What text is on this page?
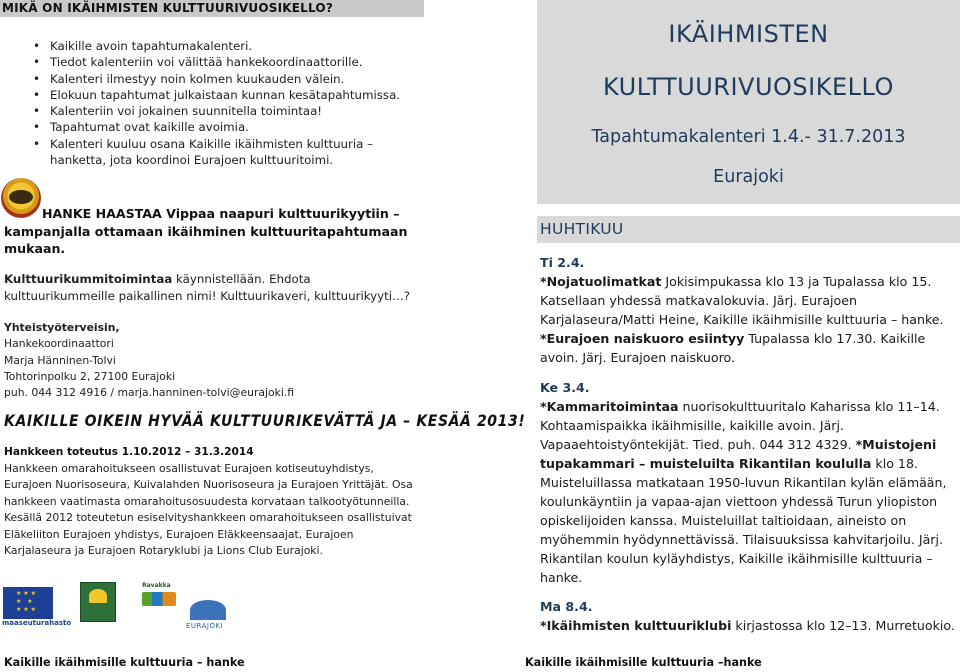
MIKÄ ON IKÄIHMISTEN KULTTUURIVUOSIKELLO?
• Kaikille avoin tapahtumakalenteri.
• Tiedot kalenteriin voi välittää hankekoordinaattorille.
• Kalenteri ilmestyy noin kolmen kuukauden välein.
• Elokuun tapahtumat julkaistaan kunnan kesätapahtumissa.
• Kalenteriin voi jokainen suunnitella toimintaa!
• Tapahtumat ovat kaikille avoimia.
• Kalenteri kuuluu osana Kaikille ikäihmisten kulttuuria – hanketta, jota koordinoi Eurajoen kulttuuritoimi.
HANKE HAASTAA Vippaa naapuri kulttuurikyytiin – kampanjalla ottamaan ikäihminen kulttuuritapahtumaan mukaan.
Kulttuurikummitoimintaa käynnistellään. Ehdota kulttuurikummeille paikallinen nimi! Kulttuurikaveri, kulttuurikyyti…?
Yhteistyöterveisin,
Hankekoordinaattori
Marja Hänninen-Tolvi
Tohtorinpolku 2, 27100 Eurajoki
puh. 044 312 4916 / marja.hanninen-tolvi@eurajoki.fi
KAIKILLE OIKEIN HYVÄÄ KULTTUURIKEVÄTTÄ JA – KESÄÄ 2013!
Hankkeen toteutus 1.10.2012 – 31.3.2014
Hankkeen omarahoitukseen osallistuvat Eurajoen kotiseutuyhdistys, Eurajoen Nuorisoseura, Kuivalahden Nuorisoseura ja Eurajoen Yrittäjät. Osa hankkeen vaatimasta omarahoitusosuudesta korvataan talkootyötunneilla. Kesällä 2012 toteutetun esiselvityshankkeen omarahoitukseen osallistuivat Eläkeliiton Eurajoen yhdistys, Eurajoen Eläkkeensaajat, Eurajoen Karjalaseura ja Eurajoen Rotaryklubi ja Lions Club Eurajoki.
★ ★ ★ ★ ★ ★ ★ ★
maaseuturahasto
Ravakka
EURAJOKI
Kaikille ikäihmisille kulttuuria – hanke
IKÄIHMISTEN
KULTTUURIVUOSIKELLO
Tapahtumakalenteri 1.4.- 31.7.2013
Eurajoki
HUHTIKUU
Ti 2.4.
*Nojatuolimatkat Jokisimpukassa klo 13 ja Tupalassa klo 15. Katsellaan yhdessä matkavalokuvia. Järj. Eurajoen Karjalaseura/Matti Heine, Kaikille ikäihmisille kulttuuria – hanke. *Eurajoen naiskuoro esiintyy Tupalassa klo 17.30. Kaikille avoin. Järj. Eurajoen naiskuoro.
Ke 3.4.
*Kammaritoimintaa nuorisokulttuuritalo Kaharissa klo 11–14. Kohtaamispaikka ikäihmisille, kaikille avoin. Järj. Vapaaehtoistyöntekijät. Tied. puh. 044 312 4329. *Muistojeni tupakammari – muisteluilta Rikantilan koululla klo 18. Muisteluillassa matkataan 1950-luvun Rikantilan kylän elämään, koulunkäyntiin ja vapaa-ajan viettoon yhdessä Turun yliopiston opiskelijoiden kanssa. Muisteluillat taltioidaan, aineisto on myöhemmin hyödynnettävissä. Tilaisuuksissa kahvitarjoilu. Järj. Rikantilan koulun kyläyhdistys, Kaikille ikäihmisille kulttuuria – hanke.
Ma 8.4.
*Ikäihmisten kulttuuriklubi kirjastossa klo 12–13. Murretuokio.
Kaikille ikäihmisille kulttuuria –hanke
